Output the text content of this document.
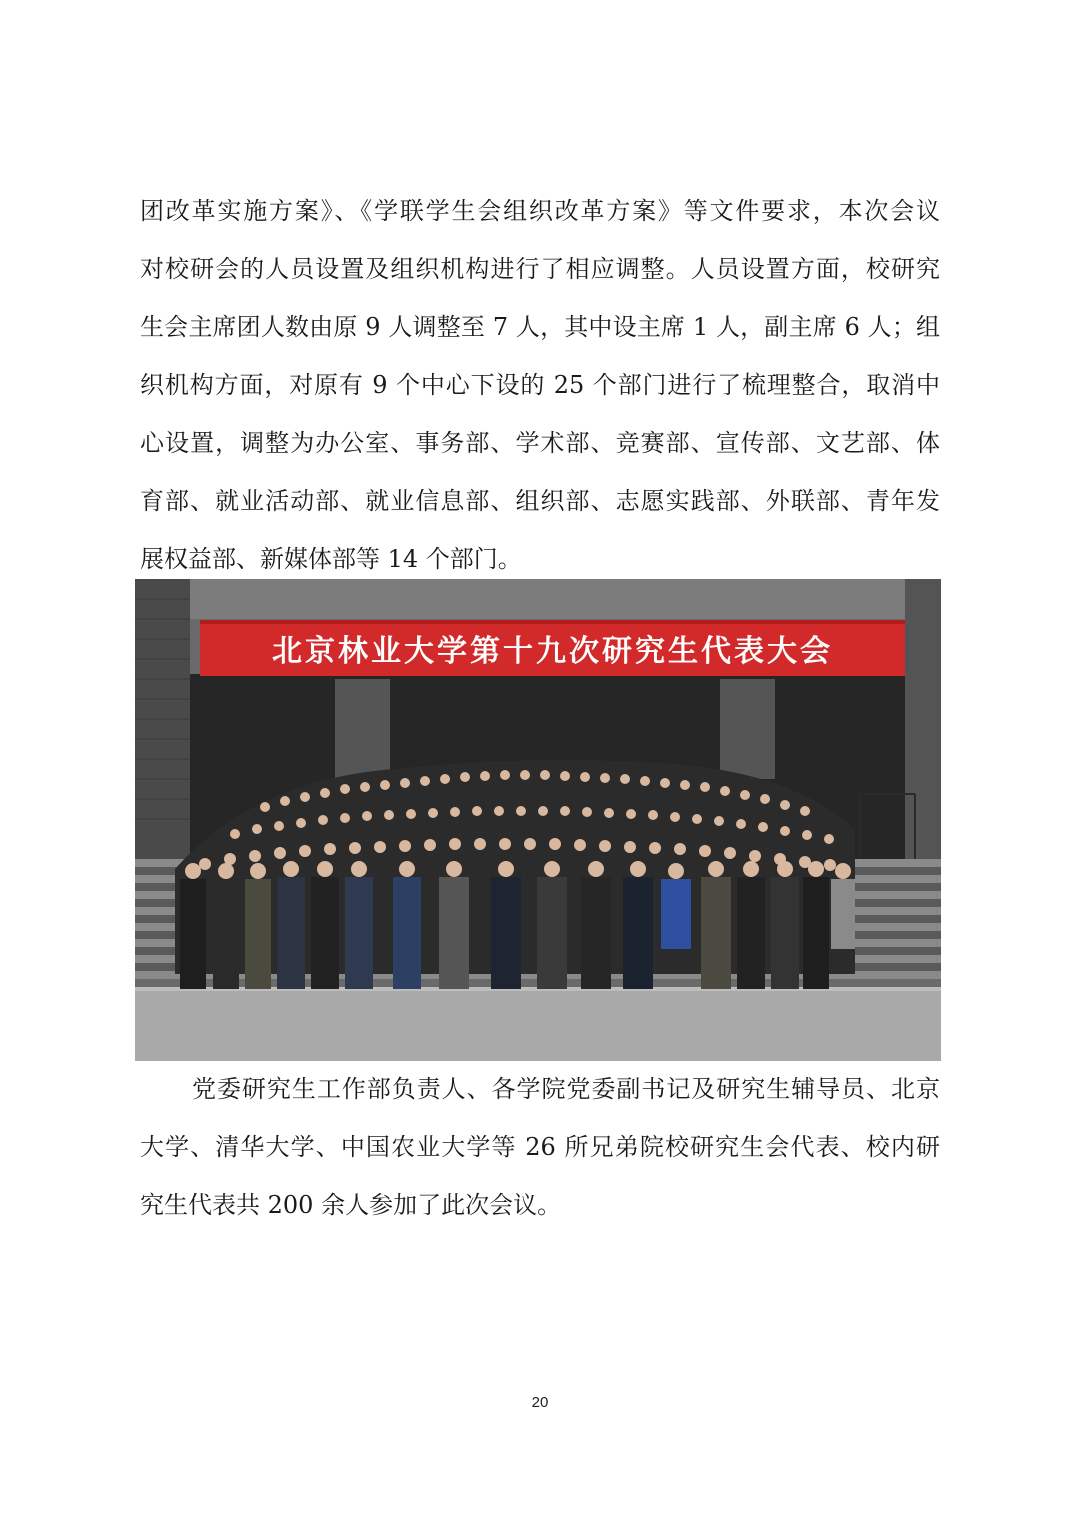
团改革实施方案》、《学联学生会组织改革方案》等文件要求，本次会议
对校研会的人员设置及组织机构进行了相应调整。人员设置方面，校研究
生会主席团人数由原 9 人调整至 7 人，其中设主席 1 人，副主席 6 人；组
织机构方面，对原有 9 个中心下设的 25 个部门进行了梳理整合，取消中
心设置，调整为办公室、事务部、学术部、竞赛部、宣传部、文艺部、体
育部、就业活动部、就业信息部、组织部、志愿实践部、外联部、青年发
展权益部、新媒体部等 14 个部门。
北京林业大学第十九次研究生代表大会
党委研究生工作部负责人、各学院党委副书记及研究生辅导员、北京
大学、清华大学、中国农业大学等 26 所兄弟院校研究生会代表、校内研
究生代表共 200 余人参加了此次会议。
20
